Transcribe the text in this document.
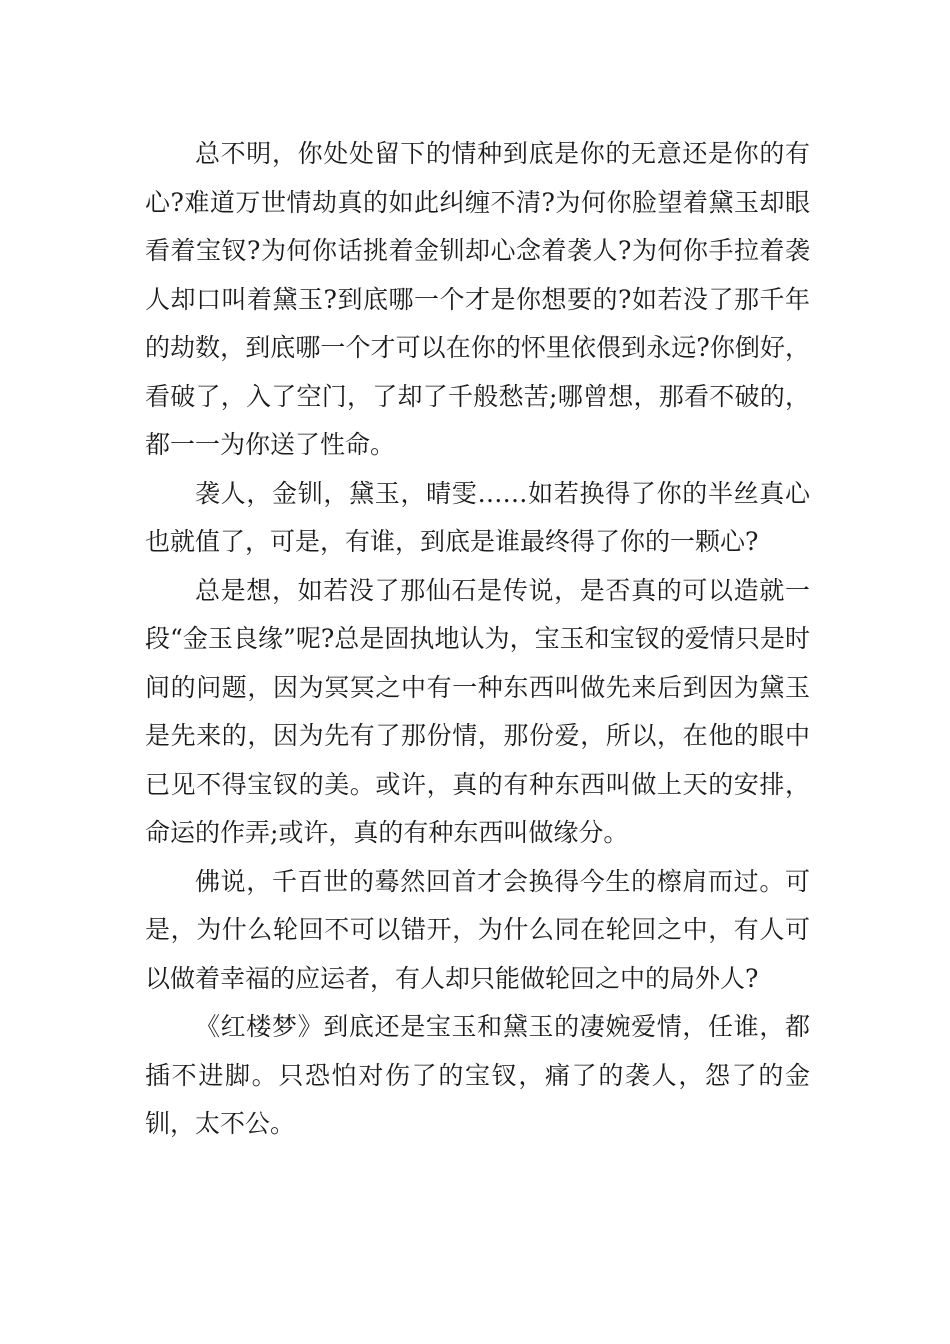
总不明，你处处留下的情种到底是你的无意还是你的有心?难道万世情劫真的如此纠缠不清?为何你脸望着黛玉却眼看着宝钗?为何你话挑着金钏却心念着袭人?为何你手拉着袭人却口叫着黛玉?到底哪一个才是你想要的?如若没了那千年的劫数，到底哪一个才可以在你的怀里依偎到永远?你倒好，看破了，入了空门，了却了千般愁苦;哪曾想，那看不破的，都一一为你送了性命。

袭人，金钏，黛玉，晴雯……如若换得了你的半丝真心也就值了，可是，有谁，到底是谁最终得了你的一颗心?

总是想，如若没了那仙石是传说，是否真的可以造就一段“金玉良缘”呢?总是固执地认为，宝玉和宝钗的爱情只是时间的问题，因为冥冥之中有一种东西叫做先来后到因为黛玉是先来的，因为先有了那份情，那份爱，所以，在他的眼中已见不得宝钗的美。或许，真的有种东西叫做上天的安排，命运的作弄;或许，真的有种东西叫做缘分。

佛说，千百世的蓦然回首才会换得今生的檫肩而过。可是，为什么轮回不可以错开，为什么同在轮回之中，有人可以做着幸福的应运者，有人却只能做轮回之中的局外人?

《红楼梦》到底还是宝玉和黛玉的凄婉爱情，任谁，都插不进脚。只恐怕对伤了的宝钗，痛了的袭人，怨了的金钏，太不公。
